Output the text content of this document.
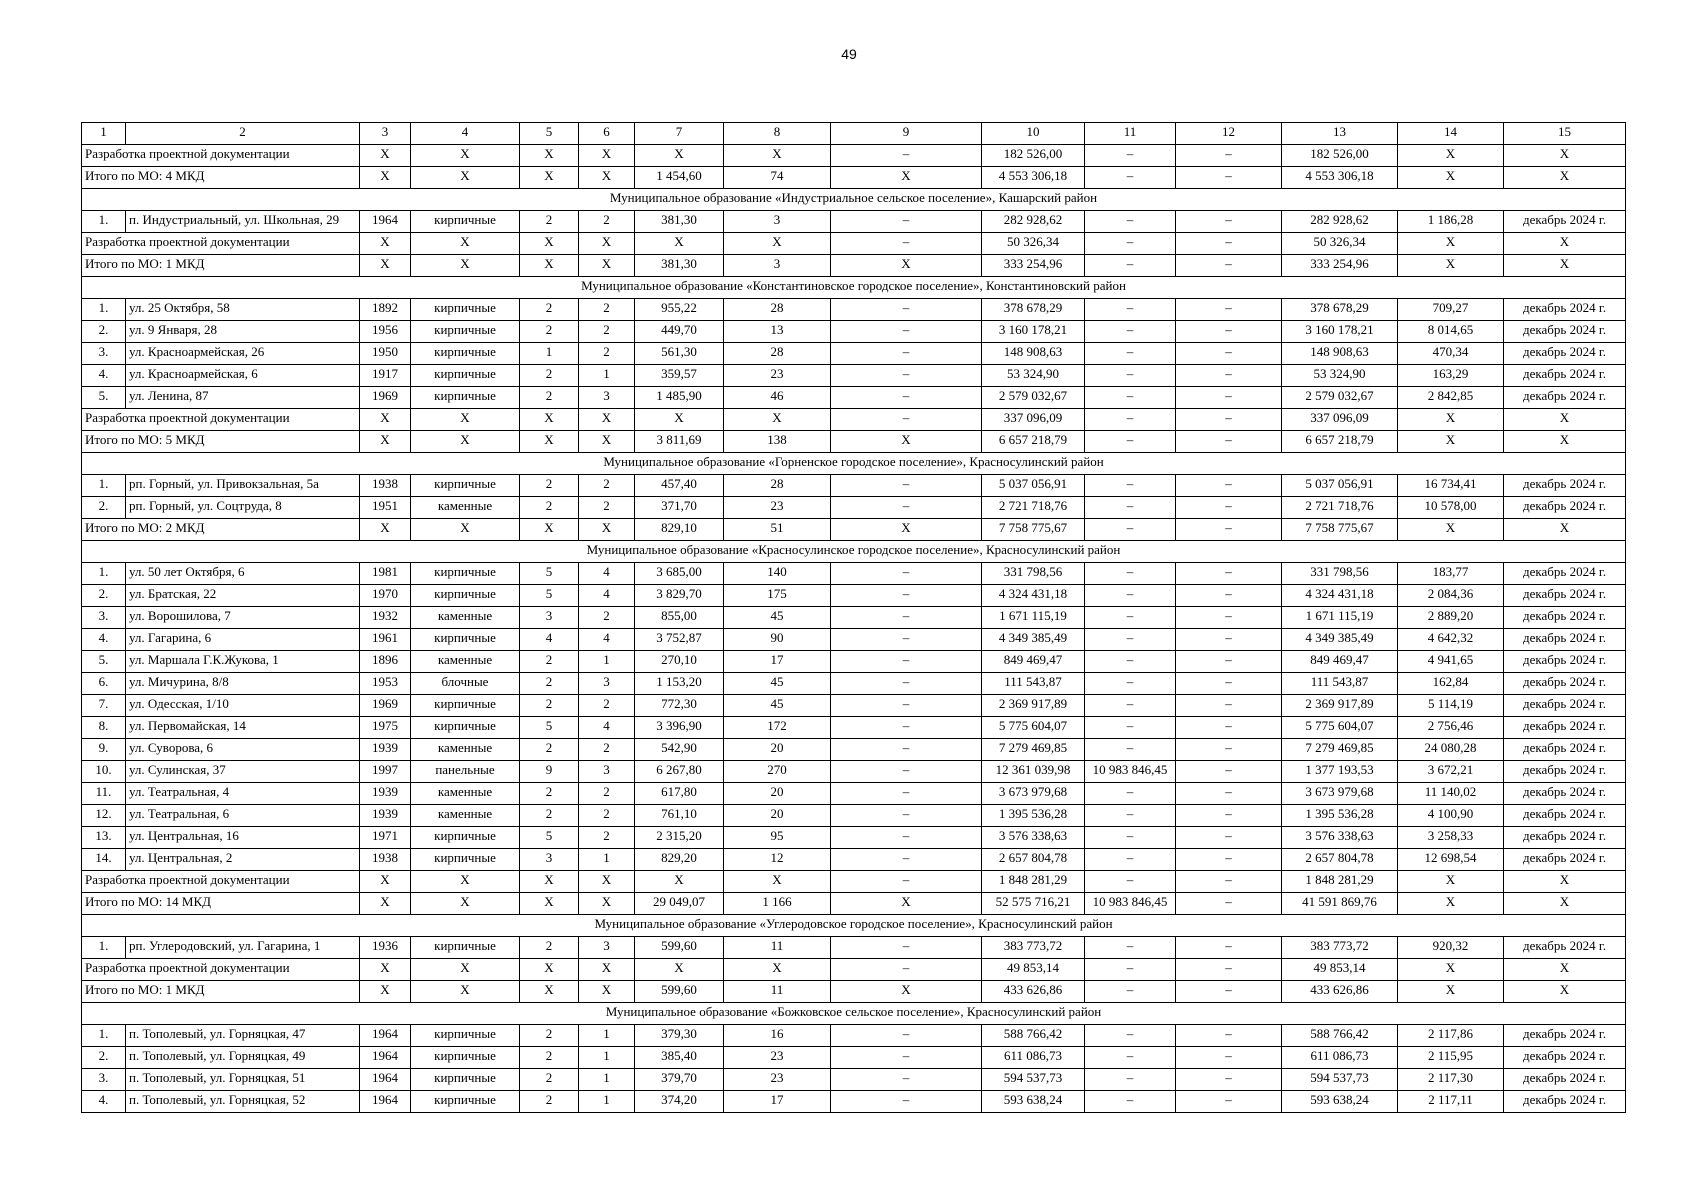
49
1	2	3	4	5	6	7	8	9	10	11	12	13	14	15
Разработка проектной документации		X	X	X	X	X	X	–	182 526,00	–	–	182 526,00	X	X
Итого по МО: 4 МКД		X	X	X	X	1 454,60	74	X	4 553 306,18	–	–	4 553 306,18	X	X
Муниципальное образование «Индустриальное сельское поселение», Кашарский район														
1.	п. Индустриальный, ул. Школьная, 29	1964	кирпичные	2	2	381,30	3	–	282 928,62	–	–	282 928,62	1 186,28	декабрь 2024 г.
Разработка проектной документации		X	X	X	X	X	X	–	50 326,34	–	–	50 326,34	X	X
Итого по МО: 1 МКД		X	X	X	X	381,30	3	X	333 254,96	–	–	333 254,96	X	X
Муниципальное образование «Константиновское городское поселение», Константиновский район														
1.	ул. 25 Октября, 58	1892	кирпичные	2	2	955,22	28	–	378 678,29	–	–	378 678,29	709,27	декабрь 2024 г.
2.	ул. 9 Января, 28	1956	кирпичные	2	2	449,70	13	–	3 160 178,21	–	–	3 160 178,21	8 014,65	декабрь 2024 г.
3.	ул. Красноармейская, 26	1950	кирпичные	1	2	561,30	28	–	148 908,63	–	–	148 908,63	470,34	декабрь 2024 г.
4.	ул. Красноармейская, 6	1917	кирпичные	2	1	359,57	23	–	53 324,90	–	–	53 324,90	163,29	декабрь 2024 г.
5.	ул. Ленина, 87	1969	кирпичные	2	3	1 485,90	46	–	2 579 032,67	–	–	2 579 032,67	2 842,85	декабрь 2024 г.
Разработка проектной документации		X	X	X	X	X	X	–	337 096,09	–	–	337 096,09	X	X
Итого по МО: 5 МКД		X	X	X	X	3 811,69	138	X	6 657 218,79	–	–	6 657 218,79	X	X
Муниципальное образование «Горненское городское поселение», Красносулинский район														
1.	рп. Горный, ул. Привокзальная, 5а	1938	кирпичные	2	2	457,40	28	–	5 037 056,91	–	–	5 037 056,91	16 734,41	декабрь 2024 г.
2.	рп. Горный, ул. Соцтруда, 8	1951	каменные	2	2	371,70	23	–	2 721 718,76	–	–	2 721 718,76	10 578,00	декабрь 2024 г.
Итого по МО: 2 МКД		X	X	X	X	829,10	51	X	7 758 775,67	–	–	7 758 775,67	X	X
Муниципальное образование «Красносулинское городское поселение», Красносулинский район														
1.	ул. 50 лет Октября, 6	1981	кирпичные	5	4	3 685,00	140	–	331 798,56	–	–	331 798,56	183,77	декабрь 2024 г.
2.	ул. Братская, 22	1970	кирпичные	5	4	3 829,70	175	–	4 324 431,18	–	–	4 324 431,18	2 084,36	декабрь 2024 г.
3.	ул. Ворошилова, 7	1932	каменные	3	2	855,00	45	–	1 671 115,19	–	–	1 671 115,19	2 889,20	декабрь 2024 г.
4.	ул. Гагарина, 6	1961	кирпичные	4	4	3 752,87	90	–	4 349 385,49	–	–	4 349 385,49	4 642,32	декабрь 2024 г.
5.	ул. Маршала Г.К.Жукова, 1	1896	каменные	2	1	270,10	17	–	849 469,47	–	–	849 469,47	4 941,65	декабрь 2024 г.
6.	ул. Мичурина, 8/8	1953	блочные	2	3	1 153,20	45	–	111 543,87	–	–	111 543,87	162,84	декабрь 2024 г.
7.	ул. Одесская, 1/10	1969	кирпичные	2	2	772,30	45	–	2 369 917,89	–	–	2 369 917,89	5 114,19	декабрь 2024 г.
8.	ул. Первомайская, 14	1975	кирпичные	5	4	3 396,90	172	–	5 775 604,07	–	–	5 775 604,07	2 756,46	декабрь 2024 г.
9.	ул. Суворова, 6	1939	каменные	2	2	542,90	20	–	7 279 469,85	–	–	7 279 469,85	24 080,28	декабрь 2024 г.
10.	ул. Сулинская, 37	1997	панельные	9	3	6 267,80	270	–	12 361 039,98	10 983 846,45	–	1 377 193,53	3 672,21	декабрь 2024 г.
11.	ул. Театральная, 4	1939	каменные	2	2	617,80	20	–	3 673 979,68	–	–	3 673 979,68	11 140,02	декабрь 2024 г.
12.	ул. Театральная, 6	1939	каменные	2	2	761,10	20	–	1 395 536,28	–	–	1 395 536,28	4 100,90	декабрь 2024 г.
13.	ул. Центральная, 16	1971	кирпичные	5	2	2 315,20	95	–	3 576 338,63	–	–	3 576 338,63	3 258,33	декабрь 2024 г.
14.	ул. Центральная, 2	1938	кирпичные	3	1	829,20	12	–	2 657 804,78	–	–	2 657 804,78	12 698,54	декабрь 2024 г.
Разработка проектной документации		X	X	X	X	X	X	–	1 848 281,29	–	–	1 848 281,29	X	X
Итого по МО: 14 МКД		X	X	X	X	29 049,07	1 166	X	52 575 716,21	10 983 846,45	–	41 591 869,76	X	X
Муниципальное образование «Углеродовское городское поселение», Красносулинский район														
1.	рп. Углеродовский, ул. Гагарина, 1	1936	кирпичные	2	3	599,60	11	–	383 773,72	–	–	383 773,72	920,32	декабрь 2024 г.
Разработка проектной документации		X	X	X	X	X	X	–	49 853,14	–	–	49 853,14	X	X
Итого по МО: 1 МКД		X	X	X	X	599,60	11	X	433 626,86	–	–	433 626,86	X	X
Муниципальное образование «Божковское сельское поселение», Красносулинский район														
1.	п. Тополевый, ул. Горняцкая, 47	1964	кирпичные	2	1	379,30	16	–	588 766,42	–	–	588 766,42	2 117,86	декабрь 2024 г.
2.	п. Тополевый, ул. Горняцкая, 49	1964	кирпичные	2	1	385,40	23	–	611 086,73	–	–	611 086,73	2 115,95	декабрь 2024 г.
3.	п. Тополевый, ул. Горняцкая, 51	1964	кирпичные	2	1	379,70	23	–	594 537,73	–	–	594 537,73	2 117,30	декабрь 2024 г.
4.	п. Тополевый, ул. Горняцкая, 52	1964	кирпичные	2	1	374,20	17	–	593 638,24	–	–	593 638,24	2 117,11	декабрь 2024 г.
